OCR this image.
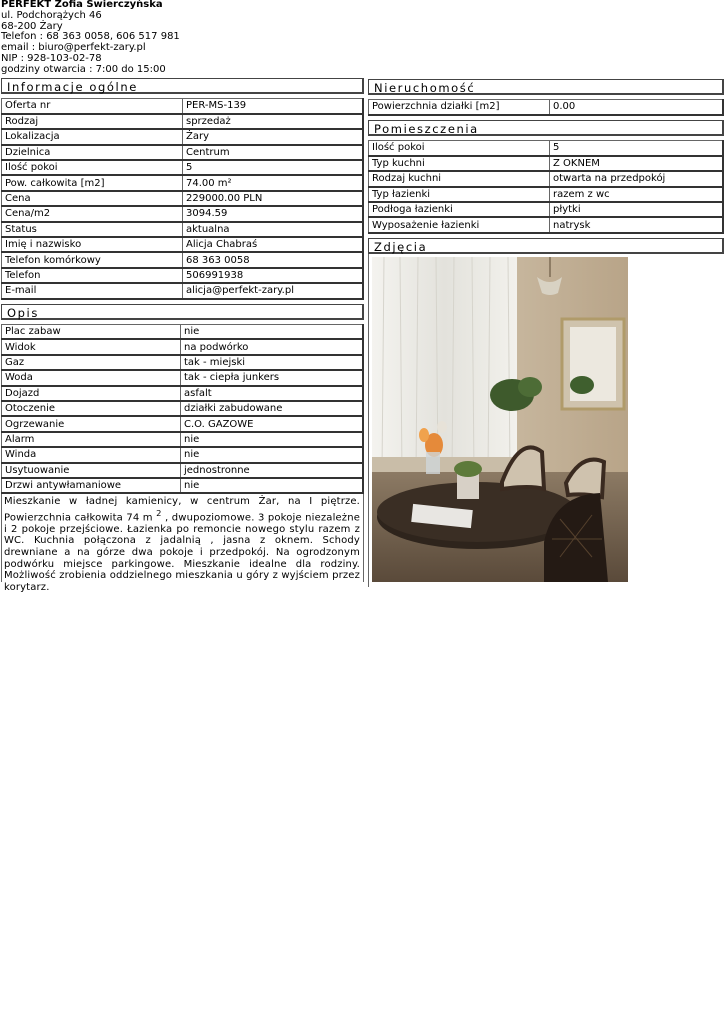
PERFEKT Zofia Świerczyńska
ul. Podchorążych 46
68-200 Żary
Telefon : 68 363 0058, 606 517 981
email : biuro@perfekt-zary.pl
NIP : 928-103-02-78
godziny otwarcia : 7:00 do 15:00
Informacje ogólne
Oferta nr	PER-MS-139
Rodzaj	sprzedaż
Lokalizacja	Żary
Dzielnica	Centrum
Ilość pokoi	5
Pow. całkowita [m2]	74.00 m²
Cena	229000.00 PLN
Cena/m2	3094.59
Status	aktualna
Imię i nazwisko	Alicja Chabraś
Telefon komórkowy	68 363 0058
Telefon	506991938
E-mail	alicja@perfekt-zary.pl
Opis
Plac zabaw	nie
Widok	na podwórko
Gaz	tak - miejski
Woda	tak - ciepła junkers
Dojazd	asfalt
Otoczenie	działki zabudowane
Ogrzewanie	C.O. GAZOWE
Alarm	nie
Winda	nie
Usytuowanie	jednostronne
Drzwi antywłamaniowe	nie
Mieszkanie w ładnej kamienicy, w centrum Żar, na I piętrze. Powierzchnia całkowita 74 m $^2$ , dwupoziomowe. 3 pokoje niezależne i 2 pokoje przejściowe. Łazienka po remoncie nowego stylu razem z WC. Kuchnia połączona z jadalnią , jasna z oknem. Schody drewniane a na górze dwa pokoje i przedpokój. Na ogrodzonym podwórku miejsce parkingowe. Mieszkanie idealne dla rodziny. Możliwość zrobienia oddzielnego mieszkania u góry z wyjściem przez korytarz.
Nieruchomość
Powierzchnia działki [m2]	0.00
Pomieszczenia
Ilość pokoi	5
Typ kuchni	Z OKNEM
Rodzaj kuchni	otwarta na przedpokój
Typ łazienki	razem z wc
Podłoga łazienki	płytki
Wyposażenie łazienki	natrysk
Zdjęcia
